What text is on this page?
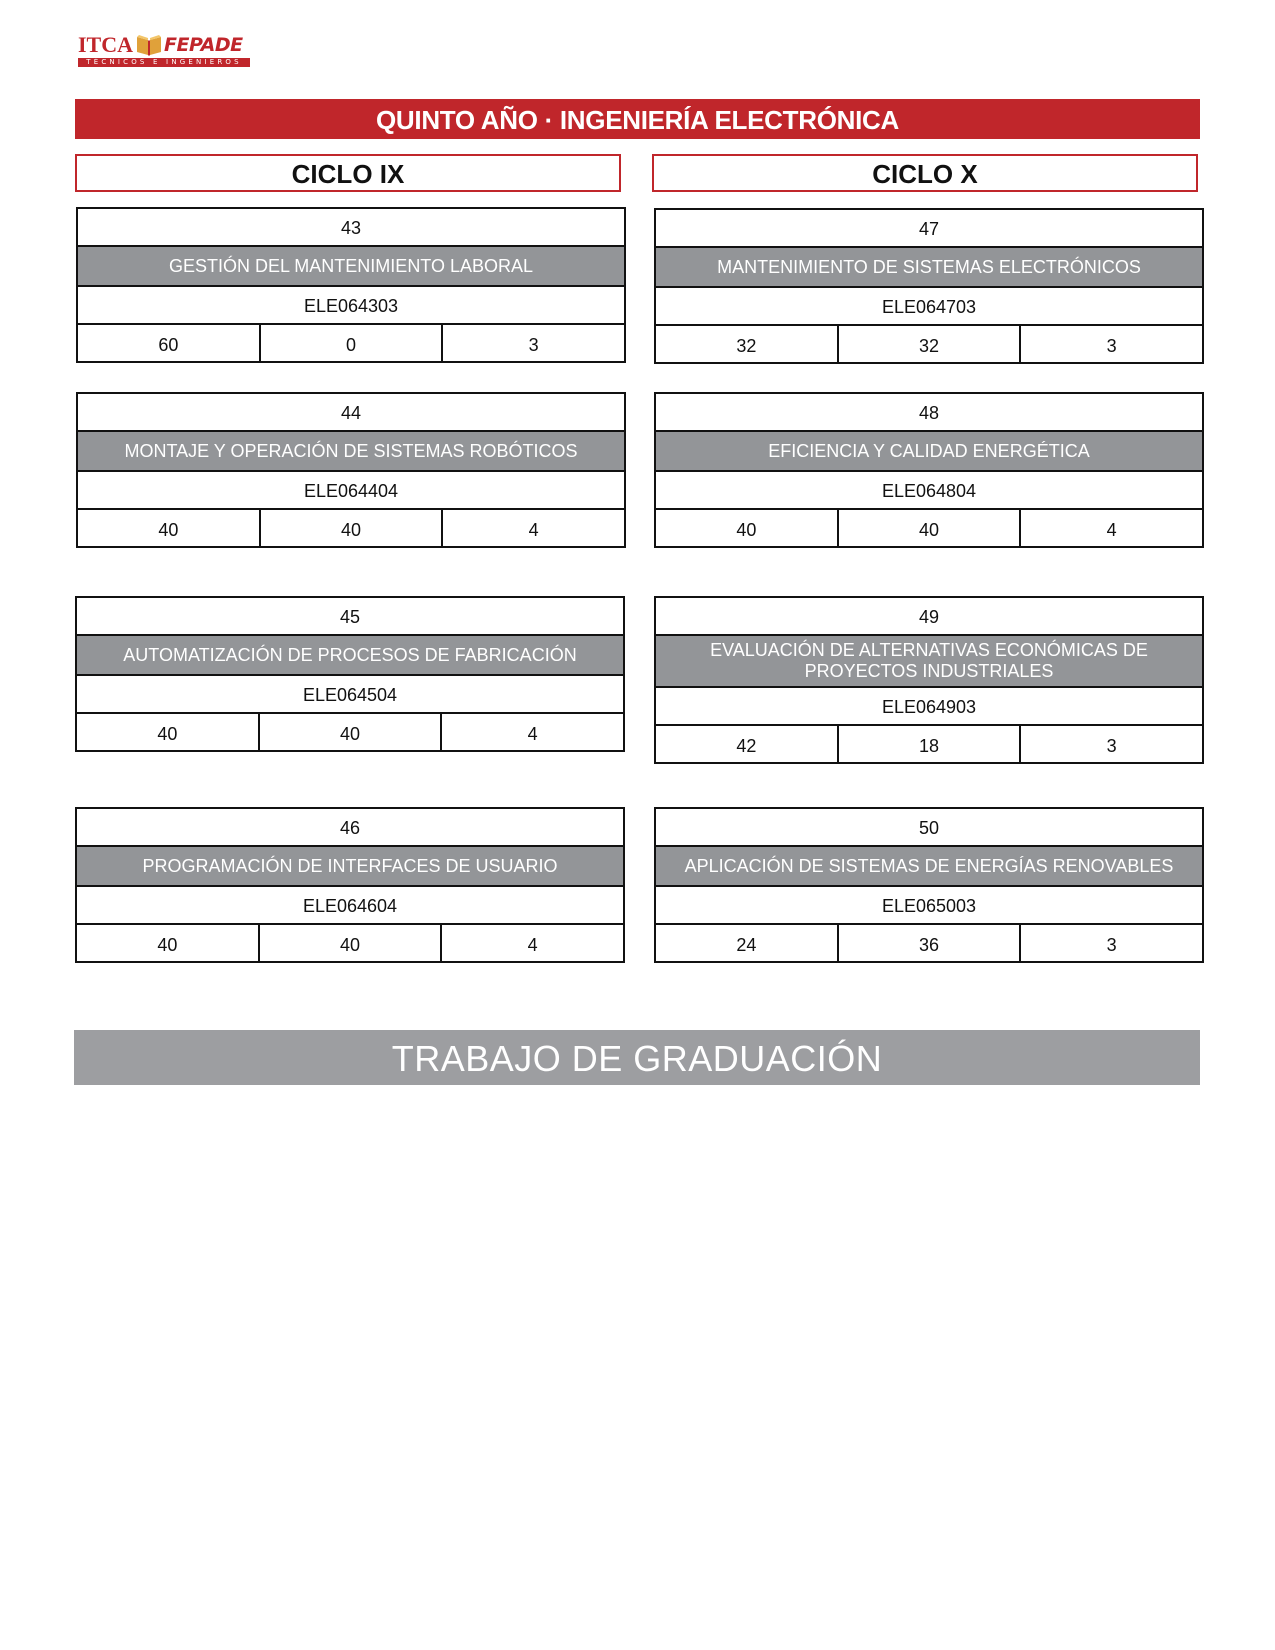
ITCA FEPADE
TÉCNICOS E INGENIEROS
QUINTO AÑO · INGENIERÍA ELECTRÓNICA
CICLO IX	CICLO X
43
GESTIÓN DEL MANTENIMIENTO LABORAL
ELE064303
60	0	3
44
MONTAJE Y OPERACIÓN DE SISTEMAS ROBÓTICOS
ELE064404
40	40	4
45
AUTOMATIZACIÓN DE PROCESOS DE FABRICACIÓN
ELE064504
40	40	4
46
PROGRAMACIÓN DE INTERFACES DE USUARIO
ELE064604
40	40	4
47
MANTENIMIENTO DE SISTEMAS ELECTRÓNICOS
ELE064703
32	32	3
48
EFICIENCIA Y CALIDAD ENERGÉTICA
ELE064804
40	40	4
49
EVALUACIÓN DE ALTERNATIVAS ECONÓMICAS DE PROYECTOS INDUSTRIALES
ELE064903
42	18	3
50
APLICACIÓN DE SISTEMAS DE ENERGÍAS RENOVABLES
ELE065003
24	36	3
TRABAJO DE GRADUACIÓN
